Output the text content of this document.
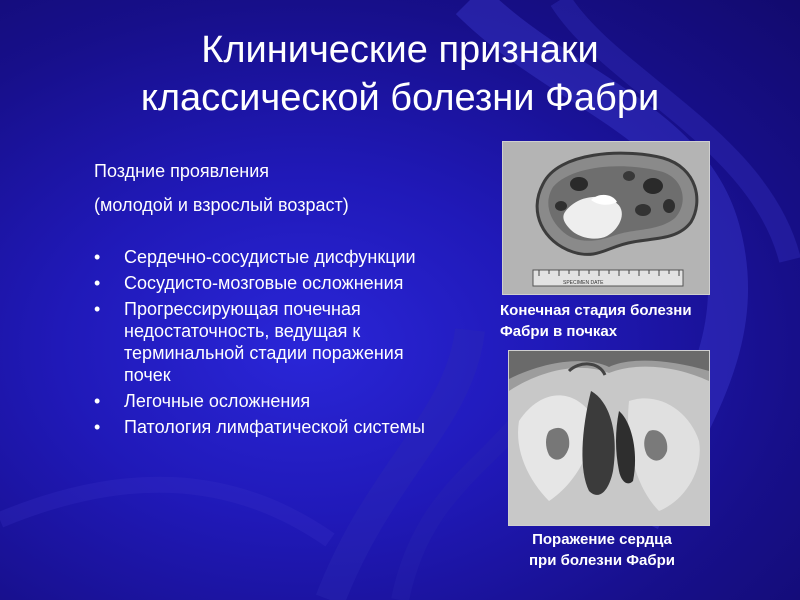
Клинические признаки
классической болезни Фабри
Поздние проявления
(молодой и взрослый возраст)
• Сердечно-сосудистые дисфункции
• Сосудисто-мозговые осложнения
• Прогрессирующая почечная недостаточность, ведущая к терминальной стадии поражения почек
• Легочные осложнения
• Патология лимфатической системы
SPECIMEN DATE
Конечная стадия болезни
Фабри в почках
Поражение сердца
при болезни Фабри
